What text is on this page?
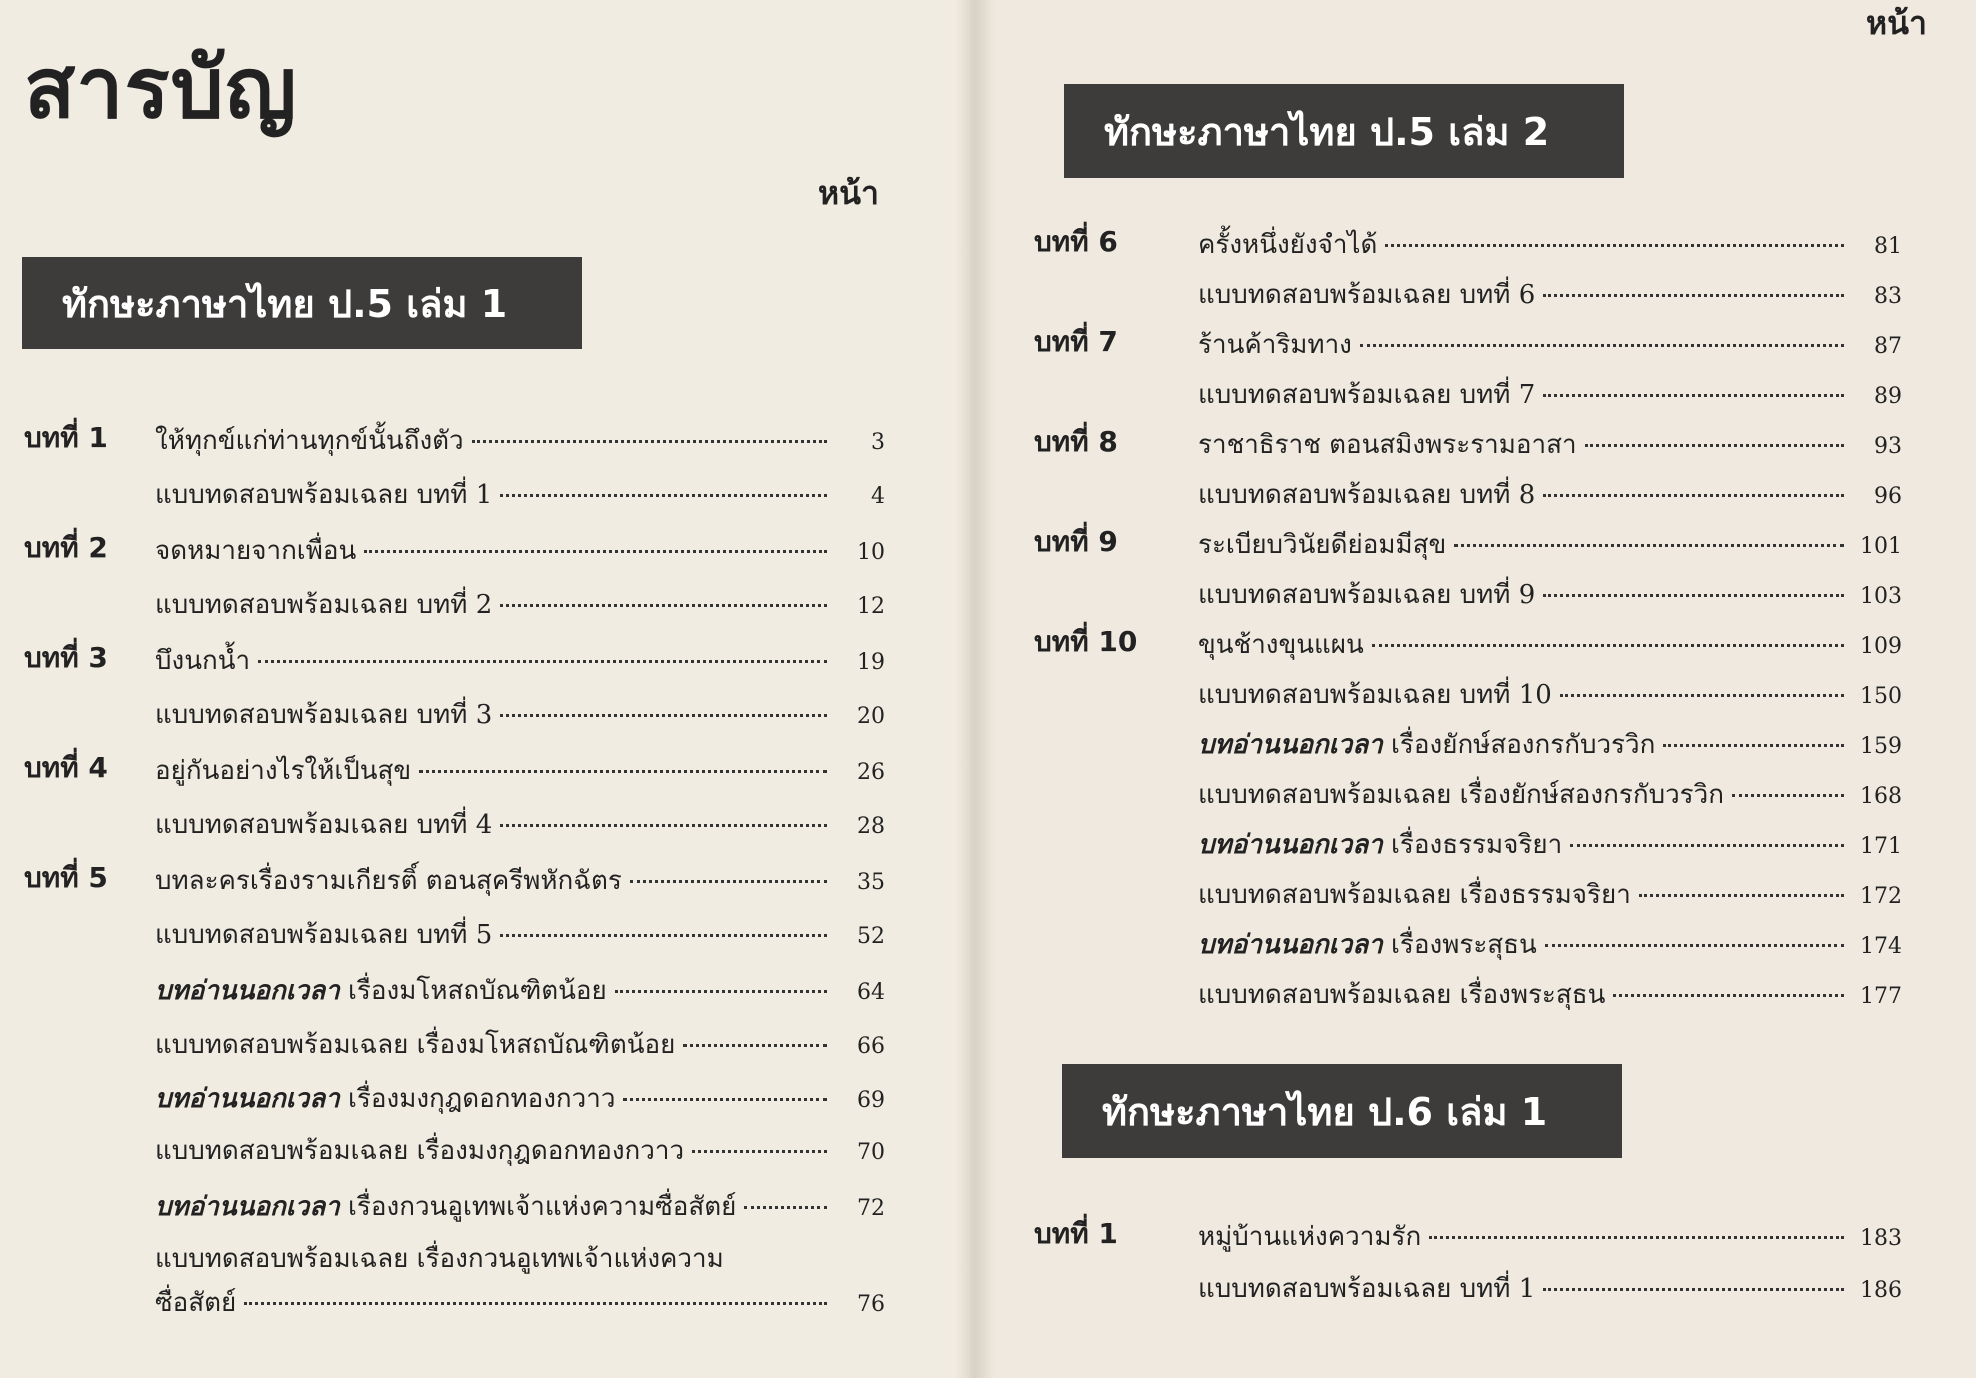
สารบัญ
หน้า
ทักษะภาษาไทย ป.5 เล่ม 1
บทที่ 1 ให้ทุกข์แก่ท่านทุกข์นั้นถึงตัว	3
แบบทดสอบพร้อมเฉลย บทที่ 1	4
บทที่ 2 จดหมายจากเพื่อน	10
แบบทดสอบพร้อมเฉลย บทที่ 2	12
บทที่ 3 บึงนกน้ำ	19
แบบทดสอบพร้อมเฉลย บทที่ 3	20
บทที่ 4 อยู่กันอย่างไรให้เป็นสุข	26
แบบทดสอบพร้อมเฉลย บทที่ 4	28
บทที่ 5 บทละครเรื่องรามเกียรติ์ ตอนสุครีพหักฉัตร	35
แบบทดสอบพร้อมเฉลย บทที่ 5	52
บทอ่านนอกเวลา เรื่องมโหสถบัณฑิตน้อย	64
แบบทดสอบพร้อมเฉลย เรื่องมโหสถบัณฑิตน้อย	66
บทอ่านนอกเวลา เรื่องมงกุฎดอกทองกวาว	69
แบบทดสอบพร้อมเฉลย เรื่องมงกุฎดอกทองกวาว	70
บทอ่านนอกเวลา เรื่องกวนอูเทพเจ้าแห่งความซื่อสัตย์	72
แบบทดสอบพร้อมเฉลย เรื่องกวนอูเทพเจ้าแห่งความ
ซื่อสัตย์	76
บทที่ 6	ครั้งหนึ่งยังจำได้	81
แบบทดสอบพร้อมเฉลย บทที่ 6	83
บทที่ 7	ร้านค้าริมทาง	87
แบบทดสอบพร้อมเฉลย บทที่ 7	89
บทที่ 8	ราชาธิราช ตอนสมิงพระรามอาสา	93
แบบทดสอบพร้อมเฉลย บทที่ 8	96
บทที่ 9	ระเบียบวินัยดีย่อมมีสุข	101
แบบทดสอบพร้อมเฉลย บทที่ 9	103
บทที่ 10 ขุนช้างขุนแผน	109
แบบทดสอบพร้อมเฉลย บทที่ 10	150
บทอ่านนอกเวลา เรื่องยักษ์สองกรกับวรวิก	159
แบบทดสอบพร้อมเฉลย เรื่องยักษ์สองกรกับวรวิก	168
บทอ่านนอกเวลา เรื่องธรรมจริยา	171
แบบทดสอบพร้อมเฉลย เรื่องธรรมจริยา	172
บทอ่านนอกเวลา เรื่องพระสุธน	174
แบบทดสอบพร้อมเฉลย เรื่องพระสุธน	177
บทที่ 1	หมู่บ้านแห่งความรัก	183
แบบทดสอบพร้อมเฉลย บทที่ 1	186
หน้า
ทักษะภาษาไทย ป.5 เล่ม 2
ทักษะภาษาไทย ป.6 เล่ม 1
